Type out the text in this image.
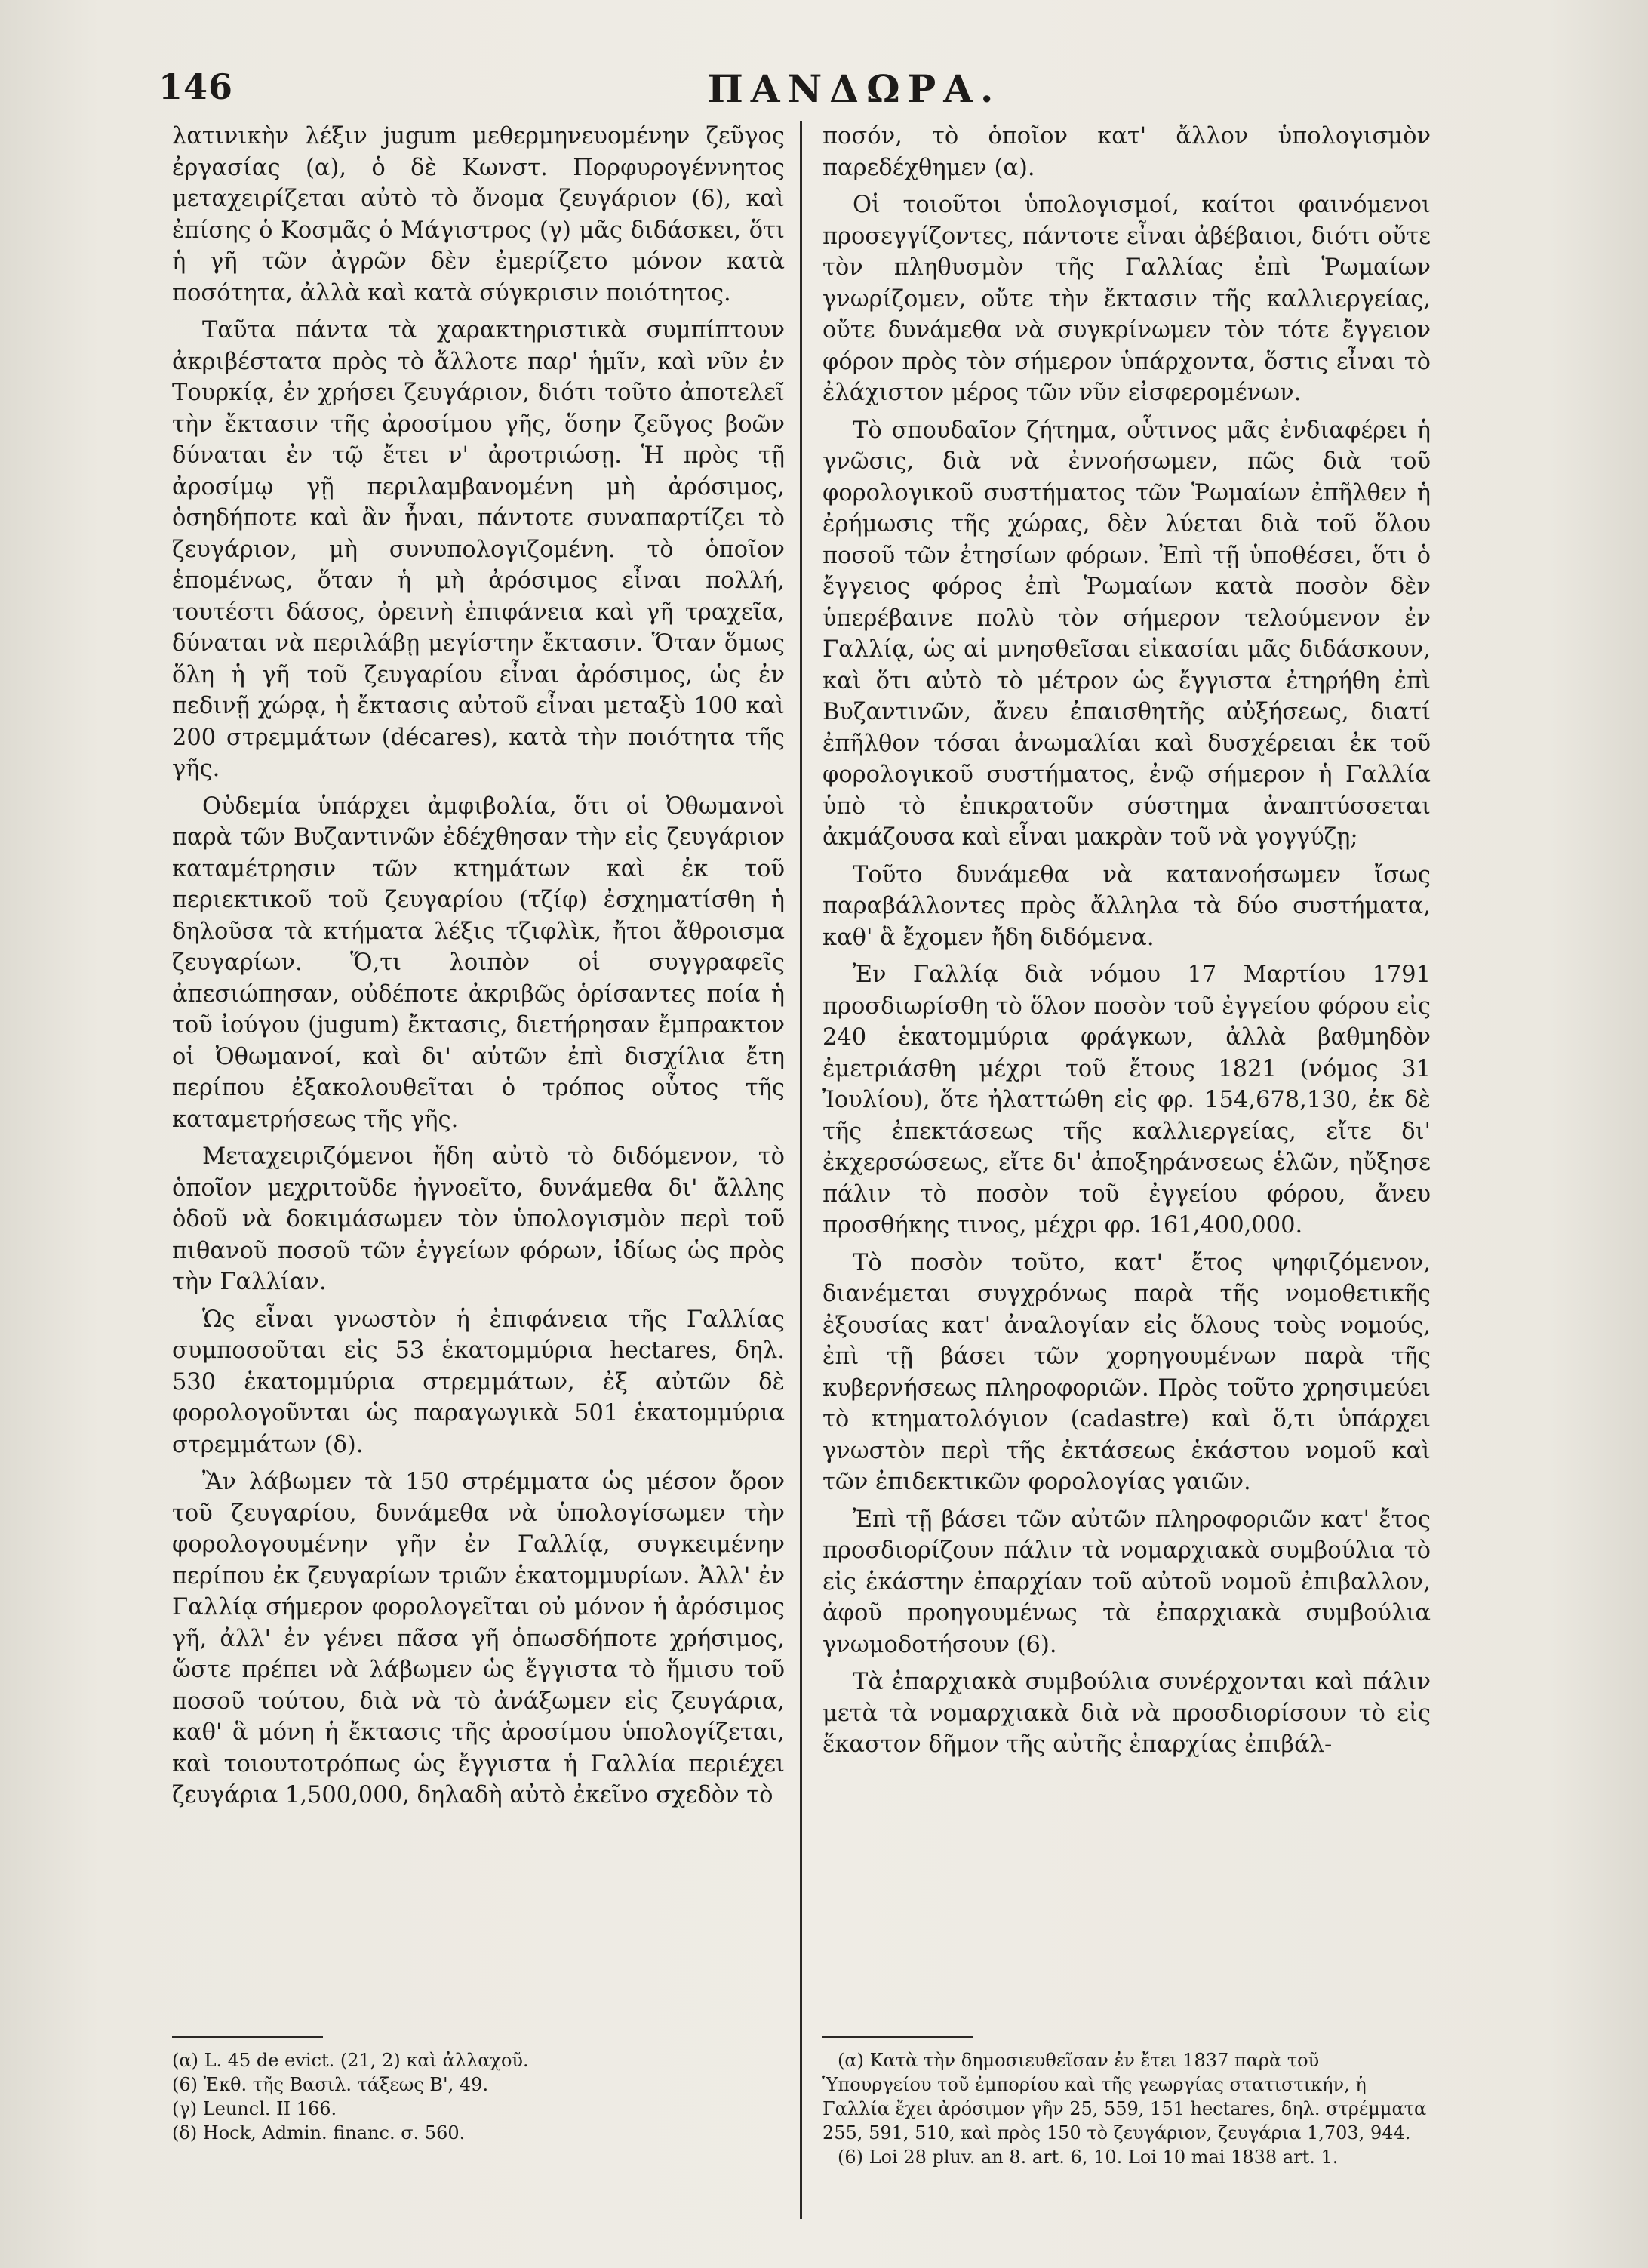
146	ΠΑΝΔΩΡΑ.

λατινικὴν λέξιν jugum μεθερμηνευομένην ζεῦγος ἐργασίας (α), ὁ δὲ Κωνστ. Πορφυρογέννητος μεταχειρίζεται αὐτὸ τὸ ὄνομα ζευγάριον (6), καὶ ἐπίσης ὁ Κοσμᾶς ὁ Μάγιστρος (γ) μᾶς διδάσκει, ὅτι ἡ γῆ τῶν ἀγρῶν δὲν ἐμερίζετο μόνον κατὰ ποσότητα, ἀλλὰ καὶ κατὰ σύγκρισιν ποιότητος.

Ταῦτα πάντα τὰ χαρακτηριστικὰ συμπίπτουν ἀκριβέστατα πρὸς τὸ ἄλλοτε παρ' ἡμῖν, καὶ νῦν ἐν Τουρκίᾳ, ἐν χρήσει ζευγάριον, διότι τοῦτο ἀποτελεῖ τὴν ἔκτασιν τῆς ἀροσίμου γῆς, ὅσην ζεῦγος βοῶν δύναται ἐν τῷ ἔτει ν' ἀροτριώσῃ. Ἡ πρὸς τῇ ἀροσίμῳ γῇ περιλαμβανομένη μὴ ἀρόσιμος, ὁσηδήποτε καὶ ἂν ἦναι, πάντοτε συναπαρτίζει τὸ ζευγάριον, μὴ συνυπολογιζομένη. τὸ ὁποῖον ἑπομένως, ὅταν ἡ μὴ ἀρόσιμος εἶναι πολλή, τουτέστι δάσος, ὀρεινὴ ἐπιφάνεια καὶ γῆ τραχεῖα, δύναται νὰ περιλάβῃ μεγίστην ἔκτασιν. Ὅταν ὅμως ὅλη ἡ γῆ τοῦ ζευγαρίου εἶναι ἀρόσιμος, ὡς ἐν πεδινῇ χώρᾳ, ἡ ἔκτασις αὐτοῦ εἶναι μεταξὺ 100 καὶ 200 στρεμμάτων (décares), κατὰ τὴν ποιότητα τῆς γῆς.

Οὐδεμία ὑπάρχει ἀμφιβολία, ὅτι οἱ Ὀθωμανοὶ παρὰ τῶν Βυζαντινῶν ἐδέχθησαν τὴν εἰς ζευγάριον καταμέτρησιν τῶν κτημάτων καὶ ἐκ τοῦ περιεκτικοῦ τοῦ ζευγαρίου (τζίφ) ἐσχηματίσθη ἡ δηλοῦσα τὰ κτήματα λέξις τζιφλὶκ, ἤτοι ἄθροισμα ζευγαρίων. Ὅ,τι λοιπὸν οἱ συγγραφεῖς ἀπεσιώπησαν, οὐδέποτε ἀκριβῶς ὁρίσαντες ποία ἡ τοῦ ἰούγου (jugum) ἔκτασις, διετήρησαν ἔμπρακτον οἱ Ὀθωμανοί, καὶ δι' αὐτῶν ἐπὶ δισχίλια ἔτη περίπου ἐξακολουθεῖται ὁ τρόπος οὗτος τῆς καταμετρήσεως τῆς γῆς.

Μεταχειριζόμενοι ἤδη αὐτὸ τὸ διδόμενον, τὸ ὁποῖον μεχριτοῦδε ἠγνοεῖτο, δυνάμεθα δι' ἄλλης ὁδοῦ νὰ δοκιμάσωμεν τὸν ὑπολογισμὸν περὶ τοῦ πιθανοῦ ποσοῦ τῶν ἐγγείων φόρων, ἰδίως ὡς πρὸς τὴν Γαλλίαν.

Ὡς εἶναι γνωστὸν ἡ ἐπιφάνεια τῆς Γαλλίας συμποσοῦται εἰς 53 ἑκατομμύρια hectares, δηλ. 530 ἑκατομμύρια στρεμμάτων, ἐξ αὐτῶν δὲ φορολογοῦνται ὡς παραγωγικὰ 501 ἑκατομμύρια στρεμμάτων (δ).

Ἂν λάβωμεν τὰ 150 στρέμματα ὡς μέσον ὅρον τοῦ ζευγαρίου, δυνάμεθα νὰ ὑπολογίσωμεν τὴν φορολογουμένην γῆν ἐν Γαλλίᾳ, συγκειμένην περίπου ἐκ ζευγαρίων τριῶν ἑκατομμυρίων. Ἀλλ' ἐν Γαλλίᾳ σήμερον φορολογεῖται οὐ μόνον ἡ ἀρόσιμος γῆ, ἀλλ' ἐν γένει πᾶσα γῆ ὁπωσδήποτε χρήσιμος, ὥστε πρέπει νὰ λάβωμεν ὡς ἔγγιστα τὸ ἥμισυ τοῦ ποσοῦ τούτου, διὰ νὰ τὸ ἀνάξωμεν εἰς ζευγάρια, καθ' ἃ μόνη ἡ ἔκτασις τῆς ἀροσίμου ὑπολογίζεται, καὶ τοιουτοτρόπως ὡς ἔγγιστα ἡ Γαλλία περιέχει ζευγάρια 1,500,000, δηλαδὴ αὐτὸ ἐκεῖνο σχεδὸν τὸ

ποσόν, τὸ ὁποῖον κατ' ἄλλον ὑπολογισμὸν παρεδέχθημεν (α).

Οἱ τοιοῦτοι ὑπολογισμοί, καίτοι φαινόμενοι προσεγγίζοντες, πάντοτε εἶναι ἀβέβαιοι, διότι οὔτε τὸν πληθυσμὸν τῆς Γαλλίας ἐπὶ Ῥωμαίων γνωρίζομεν, οὔτε τὴν ἔκτασιν τῆς καλλιεργείας, οὔτε δυνάμεθα νὰ συγκρίνωμεν τὸν τότε ἔγγειον φόρον πρὸς τὸν σήμερον ὑπάρχοντα, ὅστις εἶναι τὸ ἐλάχιστον μέρος τῶν νῦν εἰσφερομένων.

Τὸ σπουδαῖον ζήτημα, οὗτινος μᾶς ἐνδιαφέρει ἡ γνῶσις, διὰ νὰ ἐννοήσωμεν, πῶς διὰ τοῦ φορολογικοῦ συστήματος τῶν Ῥωμαίων ἐπῆλθεν ἡ ἐρήμωσις τῆς χώρας, δὲν λύεται διὰ τοῦ ὅλου ποσοῦ τῶν ἐτησίων φόρων. Ἐπὶ τῇ ὑποθέσει, ὅτι ὁ ἔγγειος φόρος ἐπὶ Ῥωμαίων κατὰ ποσὸν δὲν ὑπερέβαινε πολὺ τὸν σήμερον τελούμενον ἐν Γαλλίᾳ, ὡς αἱ μνησθεῖσαι εἰκασίαι μᾶς διδάσκουν, καὶ ὅτι αὐτὸ τὸ μέτρον ὡς ἔγγιστα ἐτηρήθη ἐπὶ Βυζαντινῶν, ἄνευ ἐπαισθητῆς αὐξήσεως, διατί ἐπῆλθον τόσαι ἀνωμαλίαι καὶ δυσχέρειαι ἐκ τοῦ φορολογικοῦ συστήματος, ἐνῷ σήμερον ἡ Γαλλία ὑπὸ τὸ ἐπικρατοῦν σύστημα ἀναπτύσσεται ἀκμάζουσα καὶ εἶναι μακρὰν τοῦ νὰ γογγύζῃ;

Τοῦτο δυνάμεθα νὰ κατανοήσωμεν ἴσως παραβάλλοντες πρὸς ἄλληλα τὰ δύο συστήματα, καθ' ἃ ἔχομεν ἤδη διδόμενα.

Ἐν Γαλλίᾳ διὰ νόμου 17 Μαρτίου 1791 προσδιωρίσθη τὸ ὅλον ποσὸν τοῦ ἐγγείου φόρου εἰς 240 ἑκατομμύρια φράγκων, ἀλλὰ βαθμηδὸν ἐμετριάσθη μέχρι τοῦ ἔτους 1821 (νόμος 31 Ἰουλίου), ὅτε ἠλαττώθη εἰς φρ. 154,678,130, ἐκ δὲ τῆς ἐπεκτάσεως τῆς καλλιεργείας, εἴτε δι' ἐκχερσώσεως, εἴτε δι' ἀποξηράνσεως ἑλῶν, ηὔξησε πάλιν τὸ ποσὸν τοῦ ἐγγείου φόρου, ἄνευ προσθήκης τινος, μέχρι φρ. 161,400,000.

Τὸ ποσὸν τοῦτο, κατ' ἔτος ψηφιζόμενον, διανέμεται συγχρόνως παρὰ τῆς νομοθετικῆς ἐξουσίας κατ' ἀναλογίαν εἰς ὅλους τοὺς νομούς, ἐπὶ τῇ βάσει τῶν χορηγουμένων παρὰ τῆς κυβερνήσεως πληροφοριῶν. Πρὸς τοῦτο χρησιμεύει τὸ κτηματολόγιον (cadastre) καὶ ὅ,τι ὑπάρχει γνωστὸν περὶ τῆς ἐκτάσεως ἑκάστου νομοῦ καὶ τῶν ἐπιδεκτικῶν φορολογίας γαιῶν.

Ἐπὶ τῇ βάσει τῶν αὐτῶν πληροφοριῶν κατ' ἔτος προσδιορίζουν πάλιν τὰ νομαρχιακὰ συμβούλια τὸ εἰς ἑκάστην ἐπαρχίαν τοῦ αὐτοῦ νομοῦ ἐπιβαλλον, ἀφοῦ προηγουμένως τὰ ἐπαρχιακὰ συμβούλια γνωμοδοτήσουν (6).

Τὰ ἐπαρχιακὰ συμβούλια συνέρχονται καὶ πάλιν μετὰ τὰ νομαρχιακὰ διὰ νὰ προσδιορίσουν τὸ εἰς ἕκαστον δῆμον τῆς αὐτῆς ἐπαρχίας ἐπιβάλ-

(α) L. 45 de evict. (21, 2) καὶ ἀλλαχοῦ.

(6) Ἐκθ. τῆς Βασιλ. τάξεως Β', 49.

(γ) Leuncl. II 166.

(δ) Hock, Admin. financ. σ. 560.

(α) Κατὰ τὴν δημοσιευθεῖσαν ἐν ἔτει 1837 παρὰ τοῦ Ὑπουργείου τοῦ ἐμπορίου καὶ τῆς γεωργίας στατιστικήν, ἡ Γαλλία ἔχει ἀρόσιμον γῆν 25, 559, 151 hectares, δηλ. στρέμματα 255, 591, 510, καὶ πρὸς 150 τὸ ζευγάριον, ζευγάρια 1,703, 944.

(6) Loi 28 pluv. an 8. art. 6, 10. Loi 10 mai 1838 art. 1.
